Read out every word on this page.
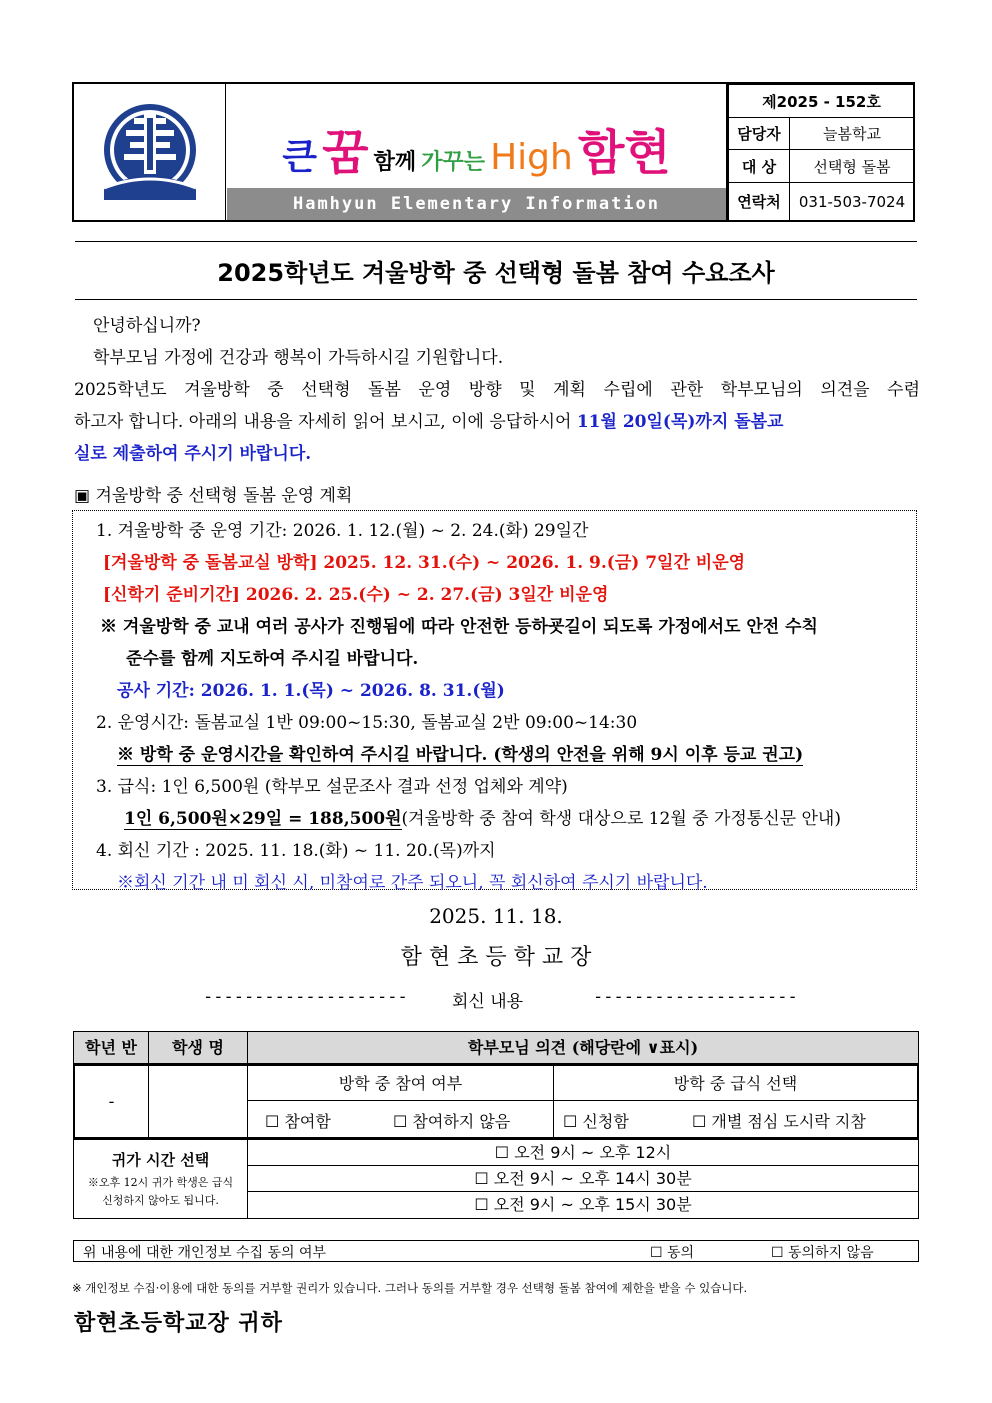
큰 꿈 함께 가꾸는 High 함현
Hamhyun Elementary Information
제2025 - 152호	
담당자	늘봄학교
대 상	선택형 돌봄
연락처	031-503-7024
2025학년도 겨울방학 중 선택형 돌봄 참여 수요조사
안녕하십니까?
학부모님 가정에 건강과 행복이 가득하시길 기원합니다.
2025학년도 겨울방학 중 선택형 돌봄 운영 방향 및 계획 수립에 관한 학부모님의 의견을 수렴
하고자 합니다. 아래의 내용을 자세히 읽어 보시고, 이에 응답하시어 11월 20일(목)까지 돌봄교
실로 제출하여 주시기 바랍니다.
▣ 겨울방학 중 선택형 돌봄 운영 계획
1. 겨울방학 중 운영 기간: 2026. 1. 12.(월) ~ 2. 24.(화) 29일간
[겨울방학 중 돌봄교실 방학] 2025. 12. 31.(수) ~ 2026. 1. 9.(금) 7일간 비운영
[신학기 준비기간] 2026. 2. 25.(수) ~ 2. 27.(금) 3일간 비운영
※ 겨울방학 중 교내 여러 공사가 진행됨에 따라 안전한 등하굣길이 되도록 가정에서도 안전 수칙
준수를 함께 지도하여 주시길 바랍니다.
공사 기간: 2026. 1. 1.(목) ~ 2026. 8. 31.(월)
2. 운영시간: 돌봄교실 1반 09:00~15:30, 돌봄교실 2반 09:00~14:30
※ 방학 중 운영시간을 확인하여 주시길 바랍니다. (학생의 안전을 위해 9시 이후 등교 권고)
3. 급식: 1인 6,500원 (학부모 설문조사 결과 선정 업체와 계약)
1인 6,500원×29일 = 188,500원(겨울방학 중 참여 학생 대상으로 12월 중 가정통신문 안내)
4. 회신 기간 : 2025. 11. 18.(화) ~ 11. 20.(목)까지
※회신 기간 내 미 회신 시, 미참여로 간주 되오니, 꼭 회신하여 주시기 바랍니다.
2025. 11. 18.
함 현 초 등 학 교 장
--------------------	회신 내용	--------------------
학년 반	학생 명	학부모님 의견 (해당란에 ∨표시)
-
방학 중 참여 여부	방학 중 급식 선택
☐ 참여함	☐ 참여하지 않음	☐ 신청함	☐ 개별 점심 도시락 지참
귀가 시간 선택
※오후 12시 귀가 학생은 급식
신청하지 않아도 됩니다.
☐ 오전 9시 ~ 오후 12시
☐ 오전 9시 ~ 오후 14시 30분
☐ 오전 9시 ~ 오후 15시 30분
위 내용에 대한 개인정보 수집 동의 여부	☐ 동의	☐ 동의하지 않음
※ 개인정보 수집·이용에 대한 동의를 거부할 권리가 있습니다. 그러나 동의를 거부할 경우 선택형 돌봄 참여에 제한을 받을 수 있습니다.
함현초등학교장 귀하
